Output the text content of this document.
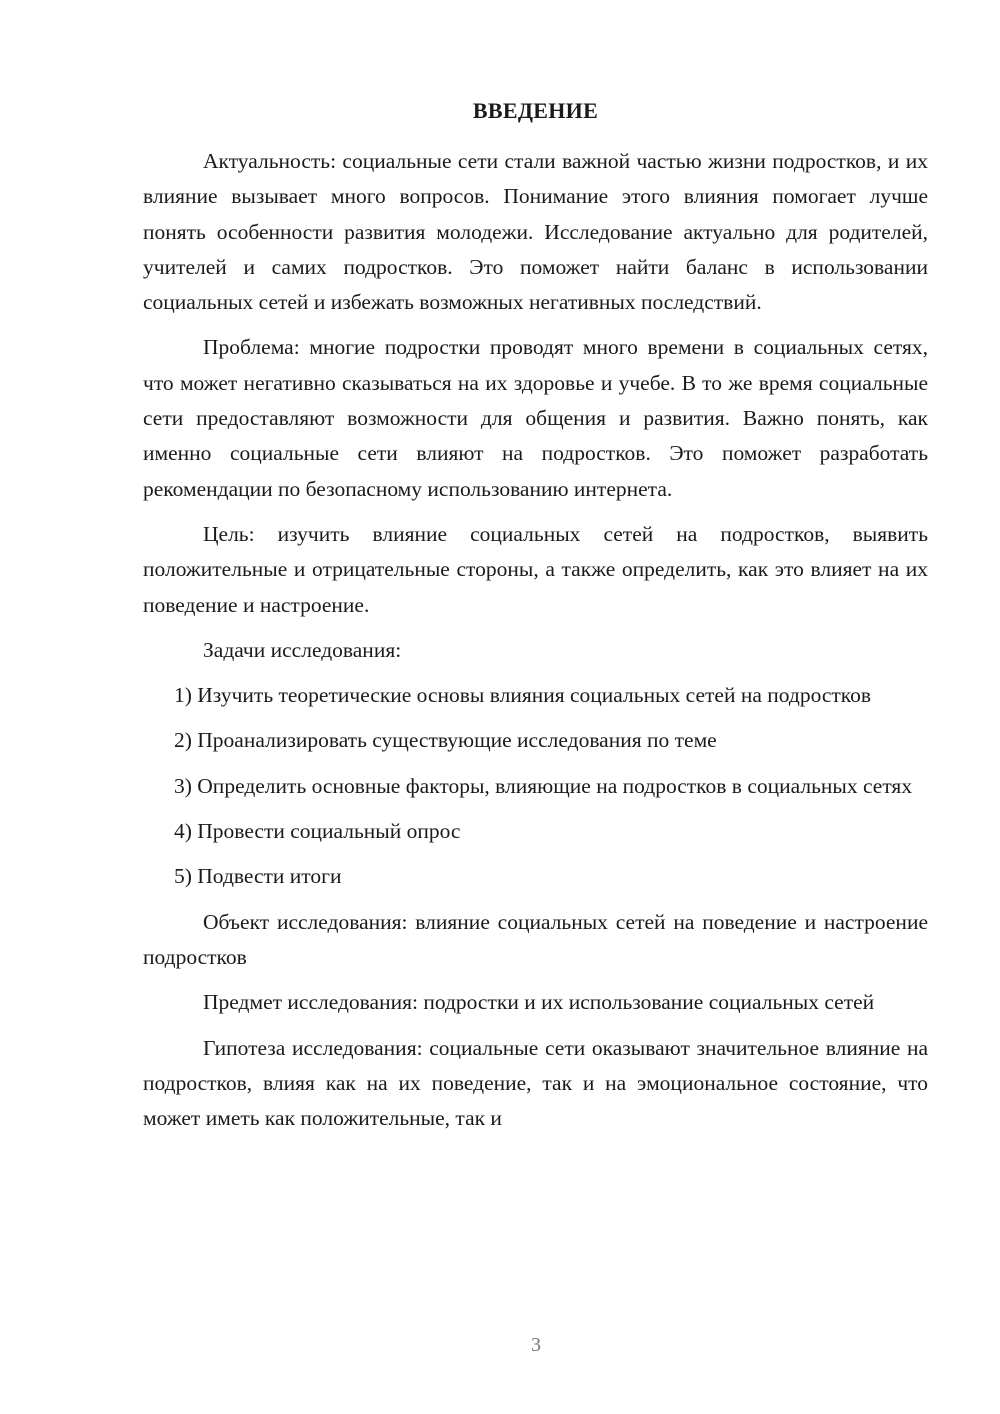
ВВЕДЕНИЕ

Актуальность: социальные сети стали важной частью жизни подростков, и их влияние вызывает много вопросов. Понимание этого влияния помогает лучше понять особенности развития молодежи. Исследование актуально для родителей, учителей и самих подростков. Это поможет найти баланс в использовании социальных сетей и избежать возможных негативных последствий.

Проблема: многие подростки проводят много времени в социальных сетях, что может негативно сказываться на их здоровье и учебе. В то же время социальные сети предоставляют возможности для общения и развития. Важно понять, как именно социальные сети влияют на подростков. Это поможет разработать рекомендации по безопасному использованию интернета.

Цель: изучить влияние социальных сетей на подростков, выявить положительные и отрицательные стороны, а также определить, как это влияет на их поведение и настроение.

Задачи исследования:

1) Изучить теоретические основы влияния социальных сетей на подростков

2) Проанализировать существующие исследования по теме

3) Определить основные факторы, влияющие на подростков в социальных сетях

4) Провести социальный опрос

5) Подвести итоги

Объект исследования: влияние социальных сетей на поведение и настроение подростков

Предмет исследования: подростки и их использование социальных сетей

Гипотеза исследования: социальные сети оказывают значительное влияние на подростков, влияя как на их поведение, так и на эмоциональное состояние, что может иметь как положительные, так и

3
